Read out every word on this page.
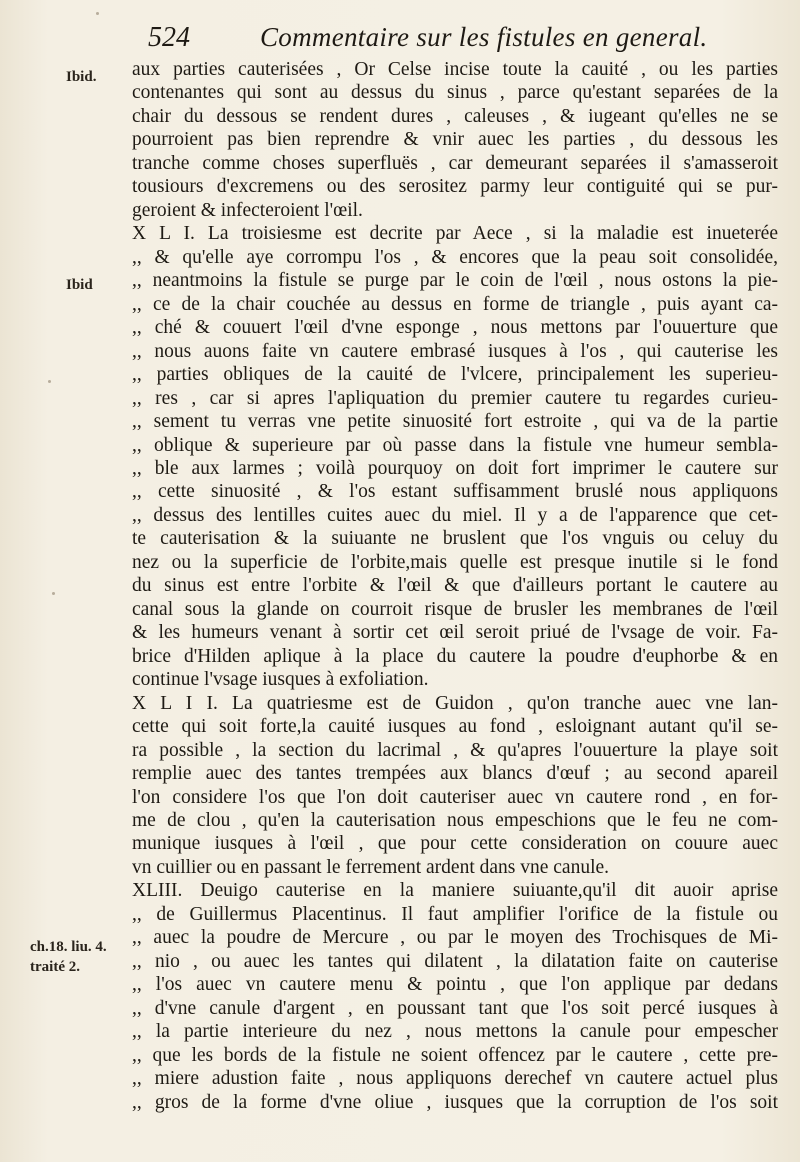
524	Commentaire sur les fistules en general.
Ibid.
Ibid
ch.18. liu. 4.
traité 2.
aux parties cauterisées , Or Celse incise toute la cauité , ou les parties
contenantes qui sont au dessus du sinus , parce qu'estant separées de la
chair du dessous se rendent dures , caleuses , & iugeant qu'elles ne se
pourroient pas bien reprendre & vnir auec les parties , du dessous les
tranche comme choses superfluës , car demeurant separées il s'amasseroit
tousiours d'excremens ou des serositez parmy leur contiguité qui se pur-
geroient & infecteroient l'œil.
X L I. La troisiesme est decrite par Aece , si la maladie est inueterée
,, & qu'elle aye corrompu l'os , & encores que la peau soit consolidée,
,, neantmoins la fistule se purge par le coin de l'œil , nous ostons la pie-
,, ce de la chair couchée au dessus en forme de triangle , puis ayant ca-
,, ché & couuert l'œil d'vne esponge , nous mettons par l'ouuerture que
,, nous auons faite vn cautere embrasé iusques à l'os , qui cauterise les
,, parties obliques de la cauité de l'vlcere, principalement les superieu-
,, res , car si apres l'apliquation du premier cautere tu regardes curieu-
,, sement tu verras vne petite sinuosité fort estroite , qui va de la partie
,, oblique & superieure par où passe dans la fistule vne humeur sembla-
,, ble aux larmes ; voilà pourquoy on doit fort imprimer le cautere sur
,, cette sinuosité , & l'os estant suffisamment bruslé nous appliquons
,, dessus des lentilles cuites auec du miel. Il y a de l'apparence que cet-
te cauterisation & la suiuante ne bruslent que l'os vnguis ou celuy du
nez ou la superficie de l'orbite,mais quelle est presque inutile si le fond
du sinus est entre l'orbite & l'œil & que d'ailleurs portant le cautere au
canal sous la glande on courroit risque de brusler les membranes de l'œil
& les humeurs venant à sortir cet œil seroit priué de l'vsage de voir. Fa-
brice d'Hilden aplique à la place du cautere la poudre d'euphorbe & en
continue l'vsage iusques à exfoliation.
X L I I. La quatriesme est de Guidon , qu'on tranche auec vne lan-
cette qui soit forte,la cauité iusques au fond , esloignant autant qu'il se-
ra possible , la section du lacrimal , & qu'apres l'ouuerture la playe soit
remplie auec des tantes trempées aux blancs d'œuf ; au second apareil
l'on considere l'os que l'on doit cauteriser auec vn cautere rond , en for-
me de clou , qu'en la cauterisation nous empeschions que le feu ne com-
munique iusques à l'œil , que pour cette consideration on couure auec
vn cuillier ou en passant le ferrement ardent dans vne canule.
XLIII. Deuigo cauterise en la maniere suiuante,qu'il dit auoir aprise
,, de Guillermus Placentinus. Il faut amplifier l'orifice de la fistule ou
,, auec la poudre de Mercure , ou par le moyen des Trochisques de Mi-
,, nio , ou auec les tantes qui dilatent , la dilatation faite on cauterise
,, l'os auec vn cautere menu & pointu , que l'on applique par dedans
,, d'vne canule d'argent , en poussant tant que l'os soit percé iusques à
,, la partie interieure du nez , nous mettons la canule pour empescher
,, que les bords de la fistule ne soient offencez par le cautere , cette pre-
,, miere adustion faite , nous appliquons derechef vn cautere actuel plus
,, gros de la forme d'vne oliue , iusques que la corruption de l'os soit
